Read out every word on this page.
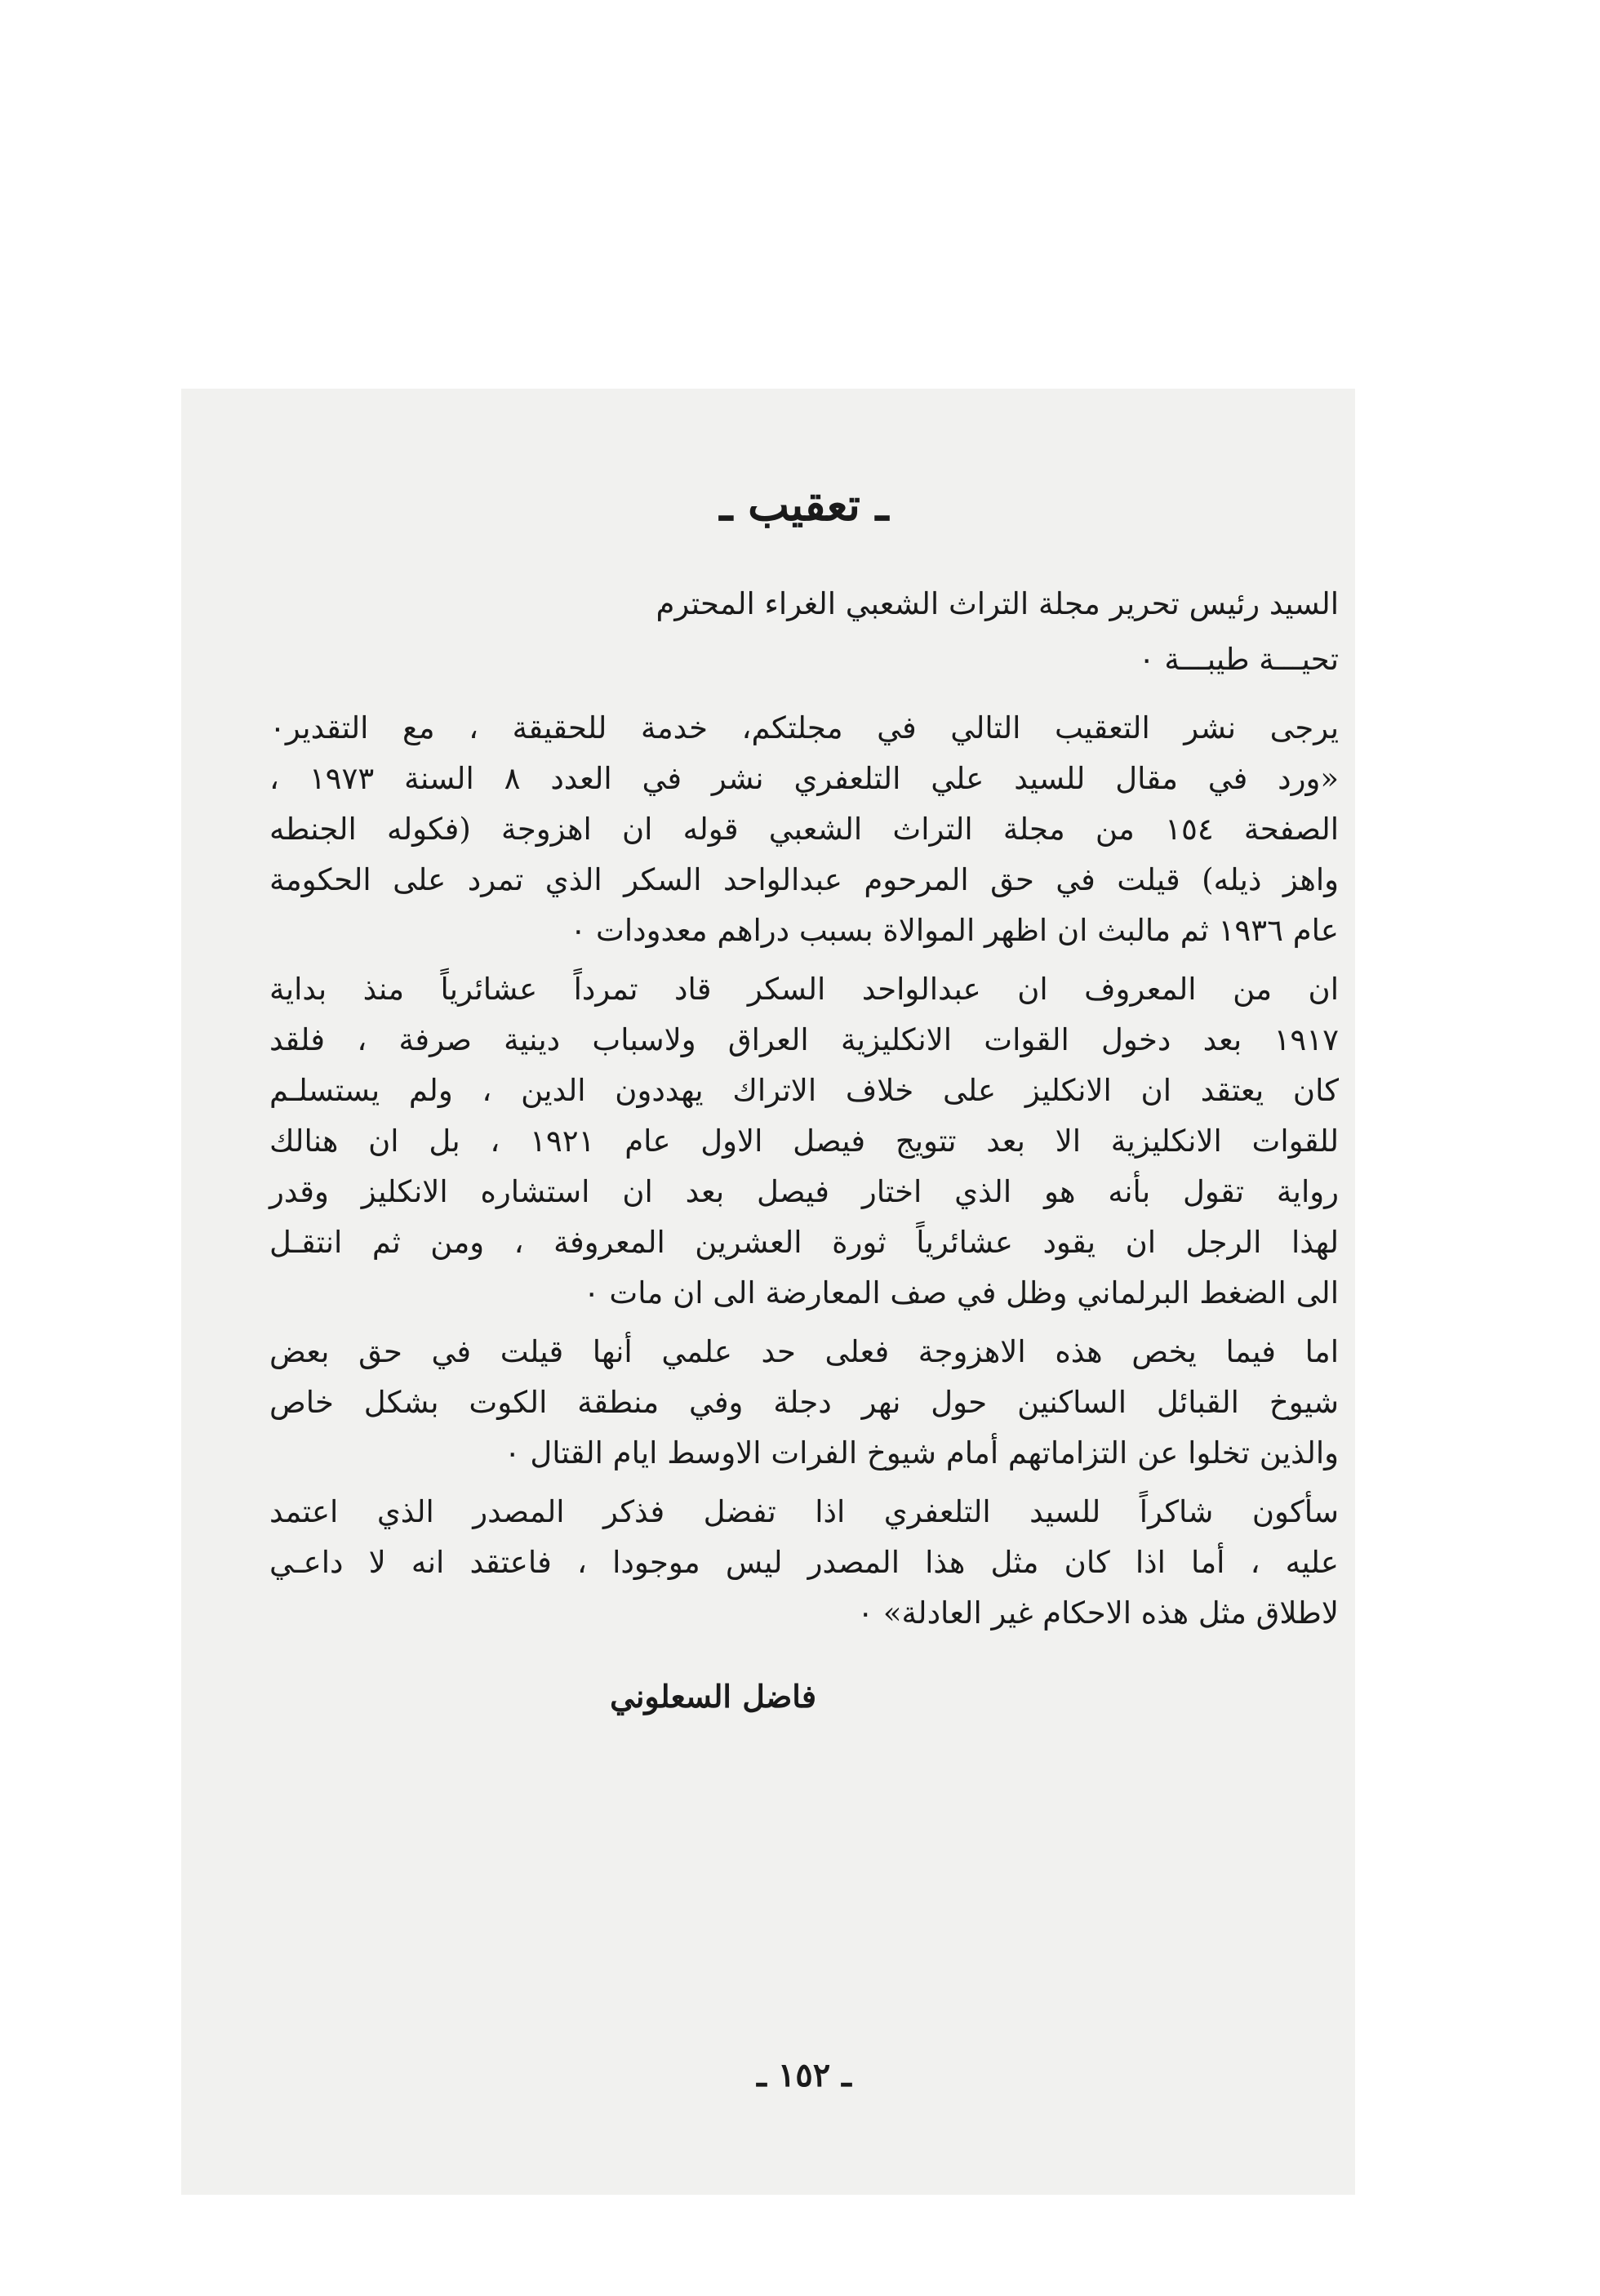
ـ تعقيب ـ

السيد رئيس تحرير مجلة التراث الشعبي الغراء المحترم

تحيـــة طيبـــة ٠

يرجى نشر التعقيب التالي في مجلتكم، خدمة للحقيقة ، مع التقدير٠

«ورد في مقال للسيد علي التلعفري نشر في العدد ٨ السنة ١٩٧٣ ،

الصفحة ١٥٤ من مجلة التراث الشعبي قوله ان اهزوجة (فكوله الجنطه

واهز ذيله) قيلت في حق المرحوم عبدالواحد السكر الذي تمرد على الحكومة

عام ١٩٣٦ ثم مالبث ان اظهر الموالاة بسبب دراهم معدودات ٠

ان من المعروف ان عبدالواحد السكر قاد تمرداً عشائرياً منذ بداية

١٩١٧ بعد دخول القوات الانكليزية العراق ولاسباب دينية صرفة ، فلقد

كان يعتقد ان الانكليز على خلاف الاتراك يهددون الدين ، ولم يستسلـم

للقوات الانكليزية الا بعد تتويج فيصل الاول عام ١٩٢١ ، بل ان هنالك

رواية تقول بأنه هو الذي اختار فيصل بعد ان استشاره الانكليز وقدر

لهذا الرجل ان يقود عشائرياً ثورة العشرين المعروفة ، ومن ثم انتقـل

الى الضغط البرلماني وظل في صف المعارضة الى ان مات ٠

اما فيما يخص هذه الاهزوجة فعلى حد علمي أنها قيلت في حق بعض

شيوخ القبائل الساكنين حول نهر دجلة وفي منطقة الكوت بشكل خاص

والذين تخلوا عن التزاماتهم أمام شيوخ الفرات الاوسط ايام القتال ٠

سأكون شاكراً للسيد التلعفري اذا تفضل فذكر المصدر الذي اعتمد

عليه ، أما اذا كان مثل هذا المصدر ليس موجودا ، فاعتقد انه لا داعـي

لاطلاق مثل هذه الاحكام غير العادلة» ٠

فاضل السعلوني

ـ ١٥٢ ـ
